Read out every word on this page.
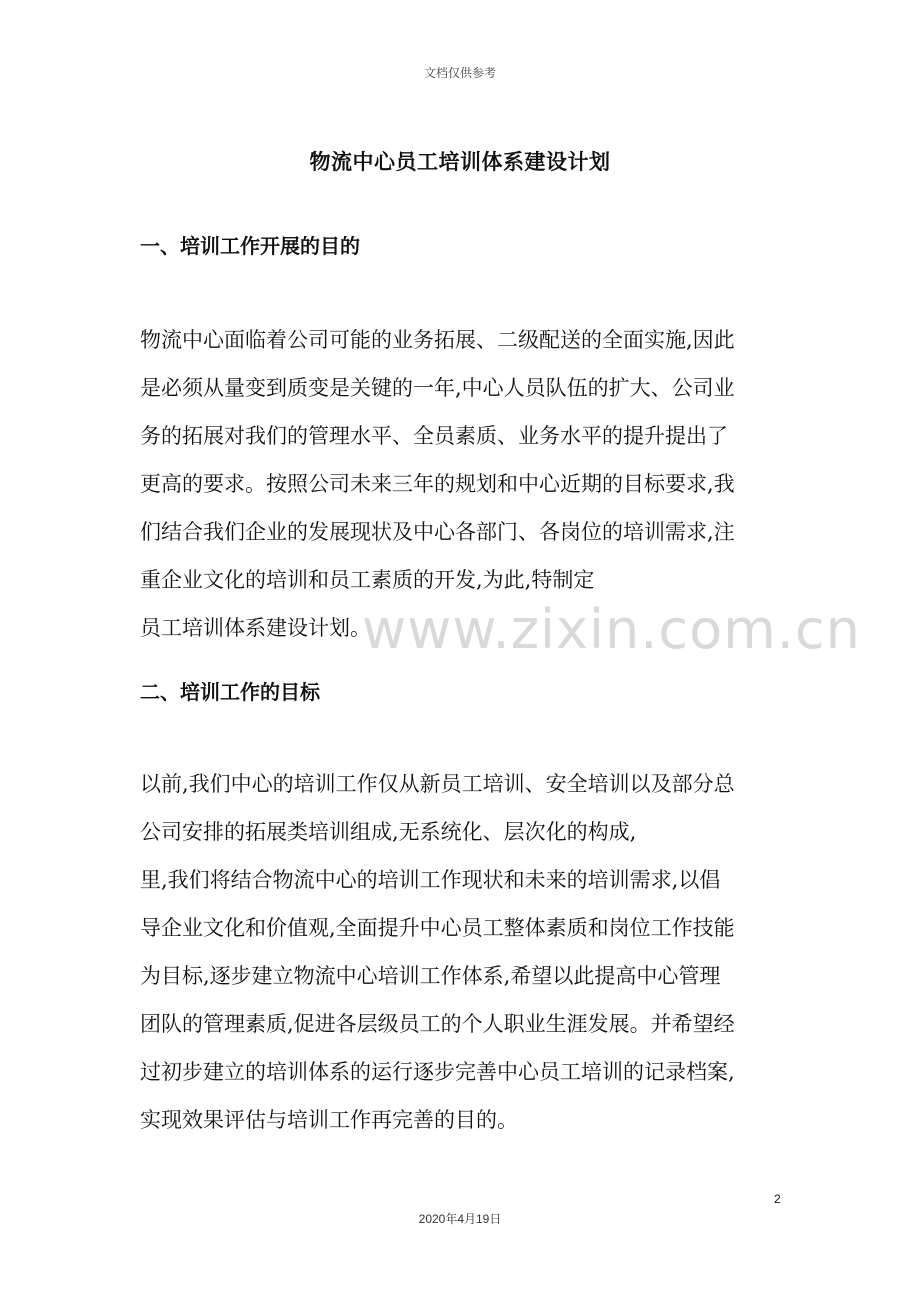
文档仅供参考
物流中心员工培训体系建设计划
一、培训工作开展的目的
物流中心面临着公司可能的业务拓展、二级配送的全面实施,因此
是必须从量变到质变是关键的一年,中心人员队伍的扩大、公司业
务的拓展对我们的管理水平、全员素质、业务水平的提升提出了
更高的要求。按照公司未来三年的规划和中心近期的目标要求,我
们结合我们企业的发展现状及中心各部门、各岗位的培训需求,注
重企业文化的培训和员工素质的开发,为此,特制定
员工培训体系建设计划。
二、培训工作的目标
以前,我们中心的培训工作仅从新员工培训、安全培训以及部分总
公司安排的拓展类培训组成,无系统化、层次化的构成,
里,我们将结合物流中心的培训工作现状和未来的培训需求,以倡
导企业文化和价值观,全面提升中心员工整体素质和岗位工作技能
为目标,逐步建立物流中心培训工作体系,希望以此提高中心管理
团队的管理素质,促进各层级员工的个人职业生涯发展。并希望经
过初步建立的培训体系的运行逐步完善中心员工培训的记录档案,
实现效果评估与培训工作再完善的目的。
www.zixin.com.cn
2
2020年4月19日
